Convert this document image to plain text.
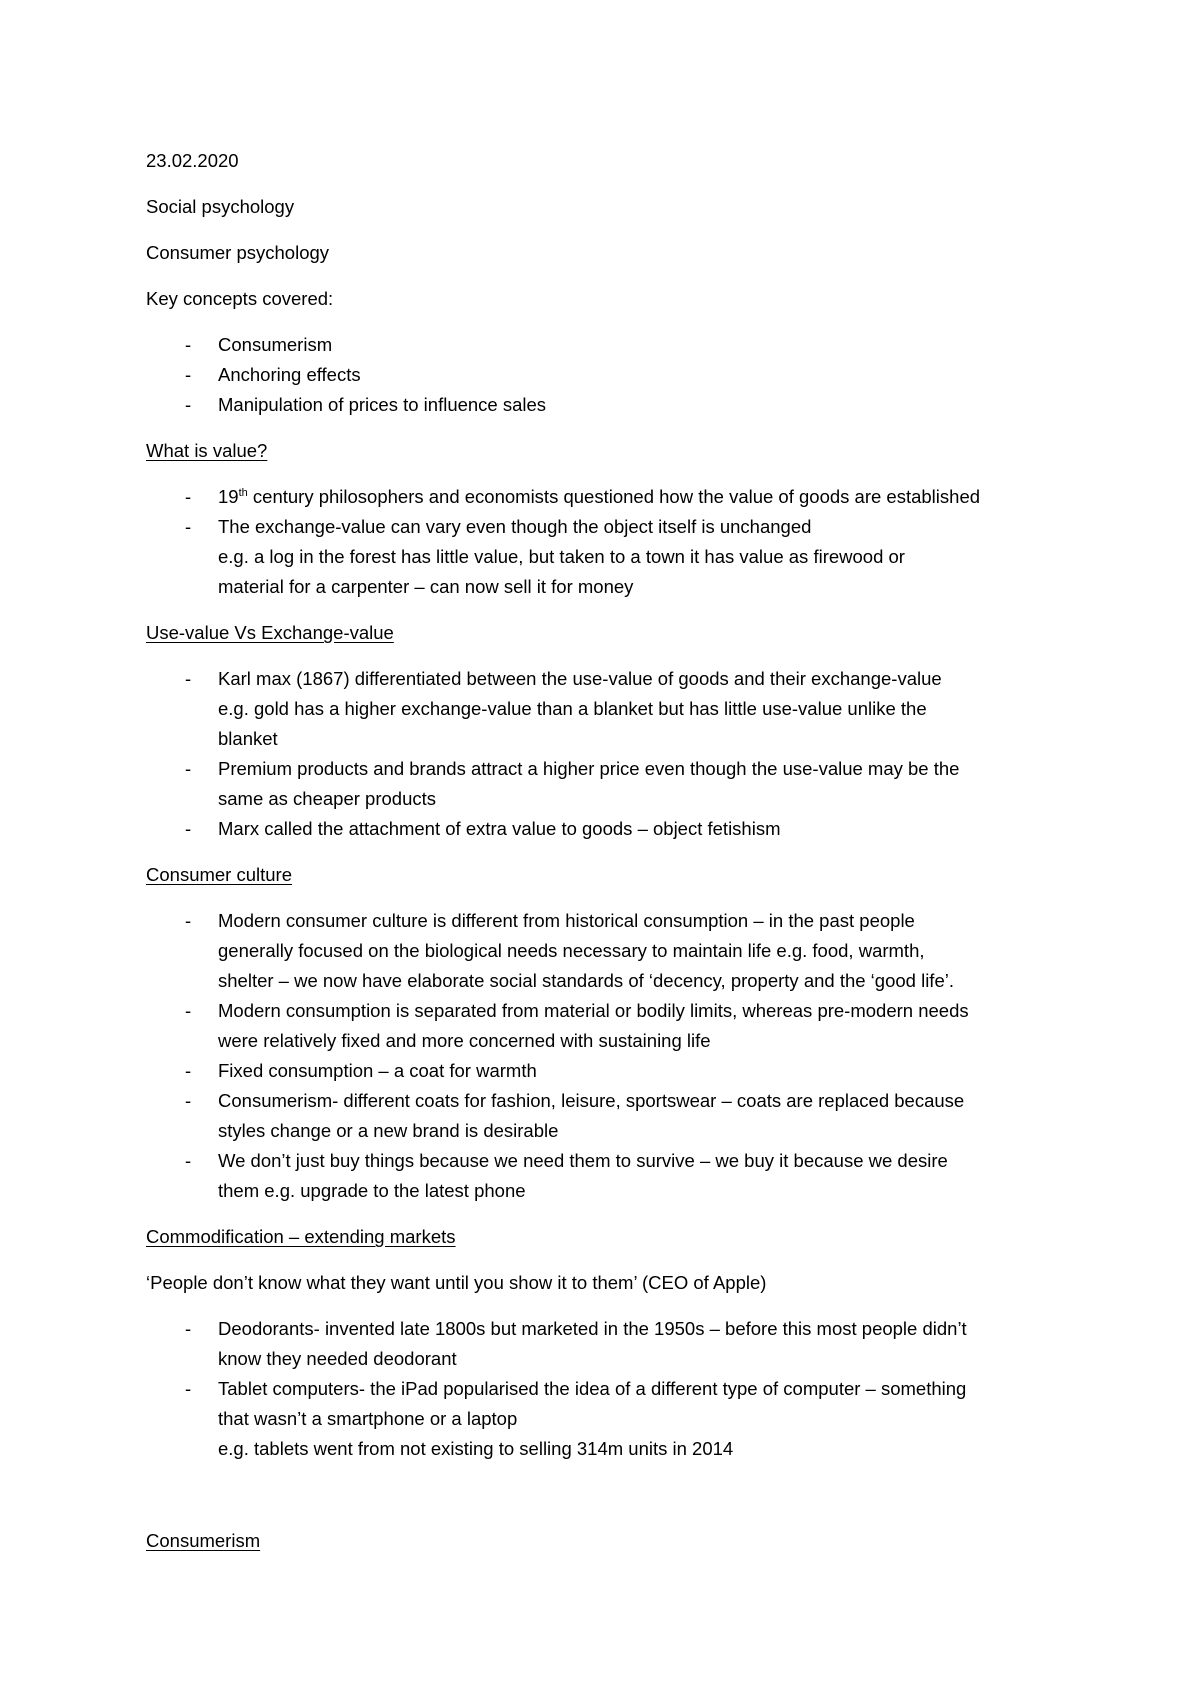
23.02.2020
Social psychology
Consumer psychology
Key concepts covered:
-	Consumerism
-	Anchoring effects
-	Manipulation of prices to influence sales
What is value?
-	19th century philosophers and economists questioned how the value of goods are established
-	The exchange-value can vary even though the object itself is unchanged
e.g. a log in the forest has little value, but taken to a town it has value as firewood or
material for a carpenter – can now sell it for money
Use-value Vs Exchange-value
-	Karl max (1867) differentiated between the use-value of goods and their exchange-value
e.g. gold has a higher exchange-value than a blanket but has little use-value unlike the
blanket
-	Premium products and brands attract a higher price even though the use-value may be the
same as cheaper products
-	Marx called the attachment of extra value to goods – object fetishism
Consumer culture
-	Modern consumer culture is different from historical consumption – in the past people
generally focused on the biological needs necessary to maintain life e.g. food, warmth,
shelter – we now have elaborate social standards of ‘decency, property and the ‘good life’.
-	Modern consumption is separated from material or bodily limits, whereas pre-modern needs
were relatively fixed and more concerned with sustaining life
-	Fixed consumption – a coat for warmth
-	Consumerism- different coats for fashion, leisure, sportswear – coats are replaced because
styles change or a new brand is desirable
-	We don’t just buy things because we need them to survive – we buy it because we desire
them e.g. upgrade to the latest phone
Commodification – extending markets
‘People don’t know what they want until you show it to them’ (CEO of Apple)
-	Deodorants- invented late 1800s but marketed in the 1950s – before this most people didn’t
know they needed deodorant
-	Tablet computers- the iPad popularised the idea of a different type of computer – something
that wasn’t a smartphone or a laptop
e.g. tablets went from not existing to selling 314m units in 2014
Consumerism
